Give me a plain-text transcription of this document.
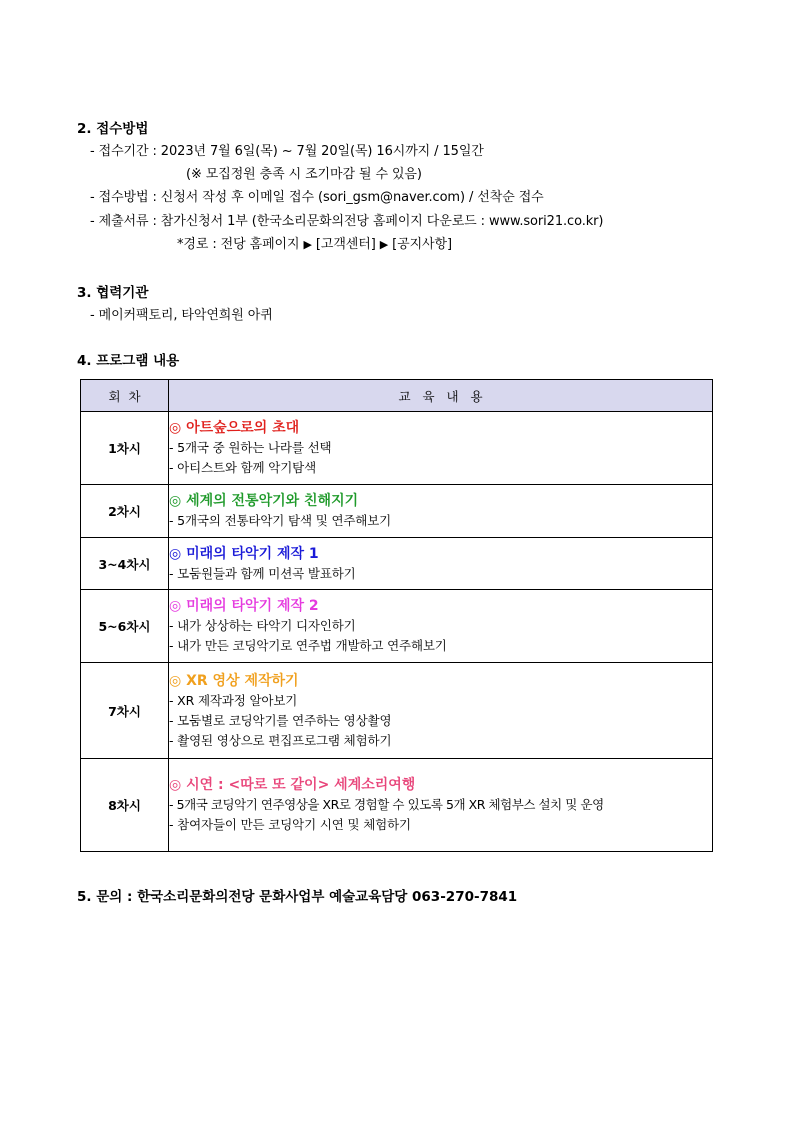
2. 접수방법
- 접수기간 : 2023년 7월 6일(목) ~ 7월 20일(목) 16시까지 / 15일간
(※ 모집정원 충족 시 조기마감 될 수 있음)
- 접수방법 : 신청서 작성 후 이메일 접수 (sori_gsm@naver.com) / 선착순 접수
- 제출서류 : 참가신청서 1부 (한국소리문화의전당 홈페이지 다운로드 : www.sori21.co.kr)
*경로 : 전당 홈페이지 ▶ [고객센터] ▶ [공지사항]
3. 협력기관
- 메이커팩토리, 타악연희원 아퀴
4. 프로그램 내용
회  차	교   육   내   용
1차시	◎ 아트숲으로의 초대
- 5개국 중 원하는 나라를 선택
- 아티스트와 함께 악기탐색

2차시	◎ 세계의 전통악기와 친해지기
- 5개국의 전통타악기 탐색 및 연주해보기

3~4차시	◎ 미래의 타악기 제작 1
- 모둠원들과 함께 미션곡 발표하기

5~6차시	◎ 미래의 타악기 제작 2
- 내가 상상하는 타악기 디자인하기
- 내가 만든 코딩악기로 연주법 개발하고 연주해보기

7차시	◎ XR 영상 제작하기
- XR 제작과정 알아보기
- 모둠별로 코딩악기를 연주하는 영상촬영
- 촬영된 영상으로 편집프로그램 체험하기

8차시	◎ 시연 : <따로 또 같이> 세계소리여행
- 5개국 코딩악기 연주영상을 XR로 경험할 수 있도록 5개 XR 체험부스 설치 및 운영
- 참여자들이 만든 코딩악기 시연 및 체험하기
5. 문의 : 한국소리문화의전당 문화사업부 예술교육담당 063-270-7841
